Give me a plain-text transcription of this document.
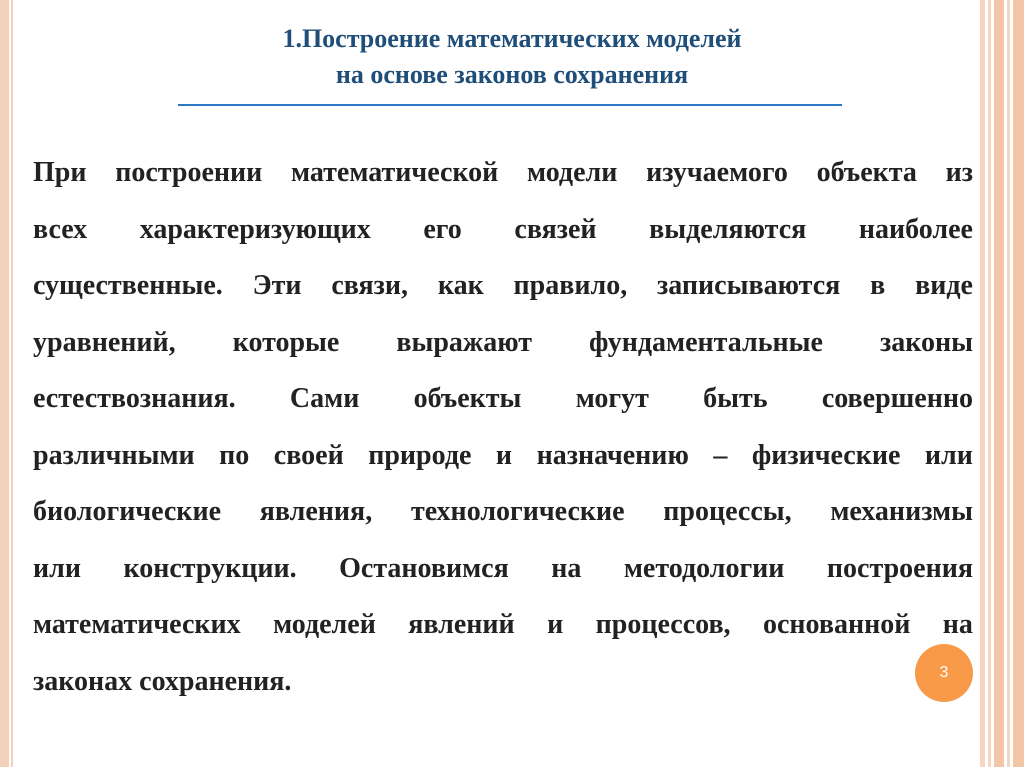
1.Построение математических моделей
на основе законов сохранения
При построении математической модели изучаемого объекта из
всех характеризующих его связей выделяются наиболее
существенные. Эти связи, как правило, записываются в виде
уравнений, которые выражают фундаментальные законы
естествознания. Сами объекты могут быть совершенно
различными по своей природе и назначению – физические или
биологические явления, технологические процессы, механизмы
или конструкции. Остановимся на методологии построения
математических моделей явлений и процессов, основанной на
законах сохранения.	3
